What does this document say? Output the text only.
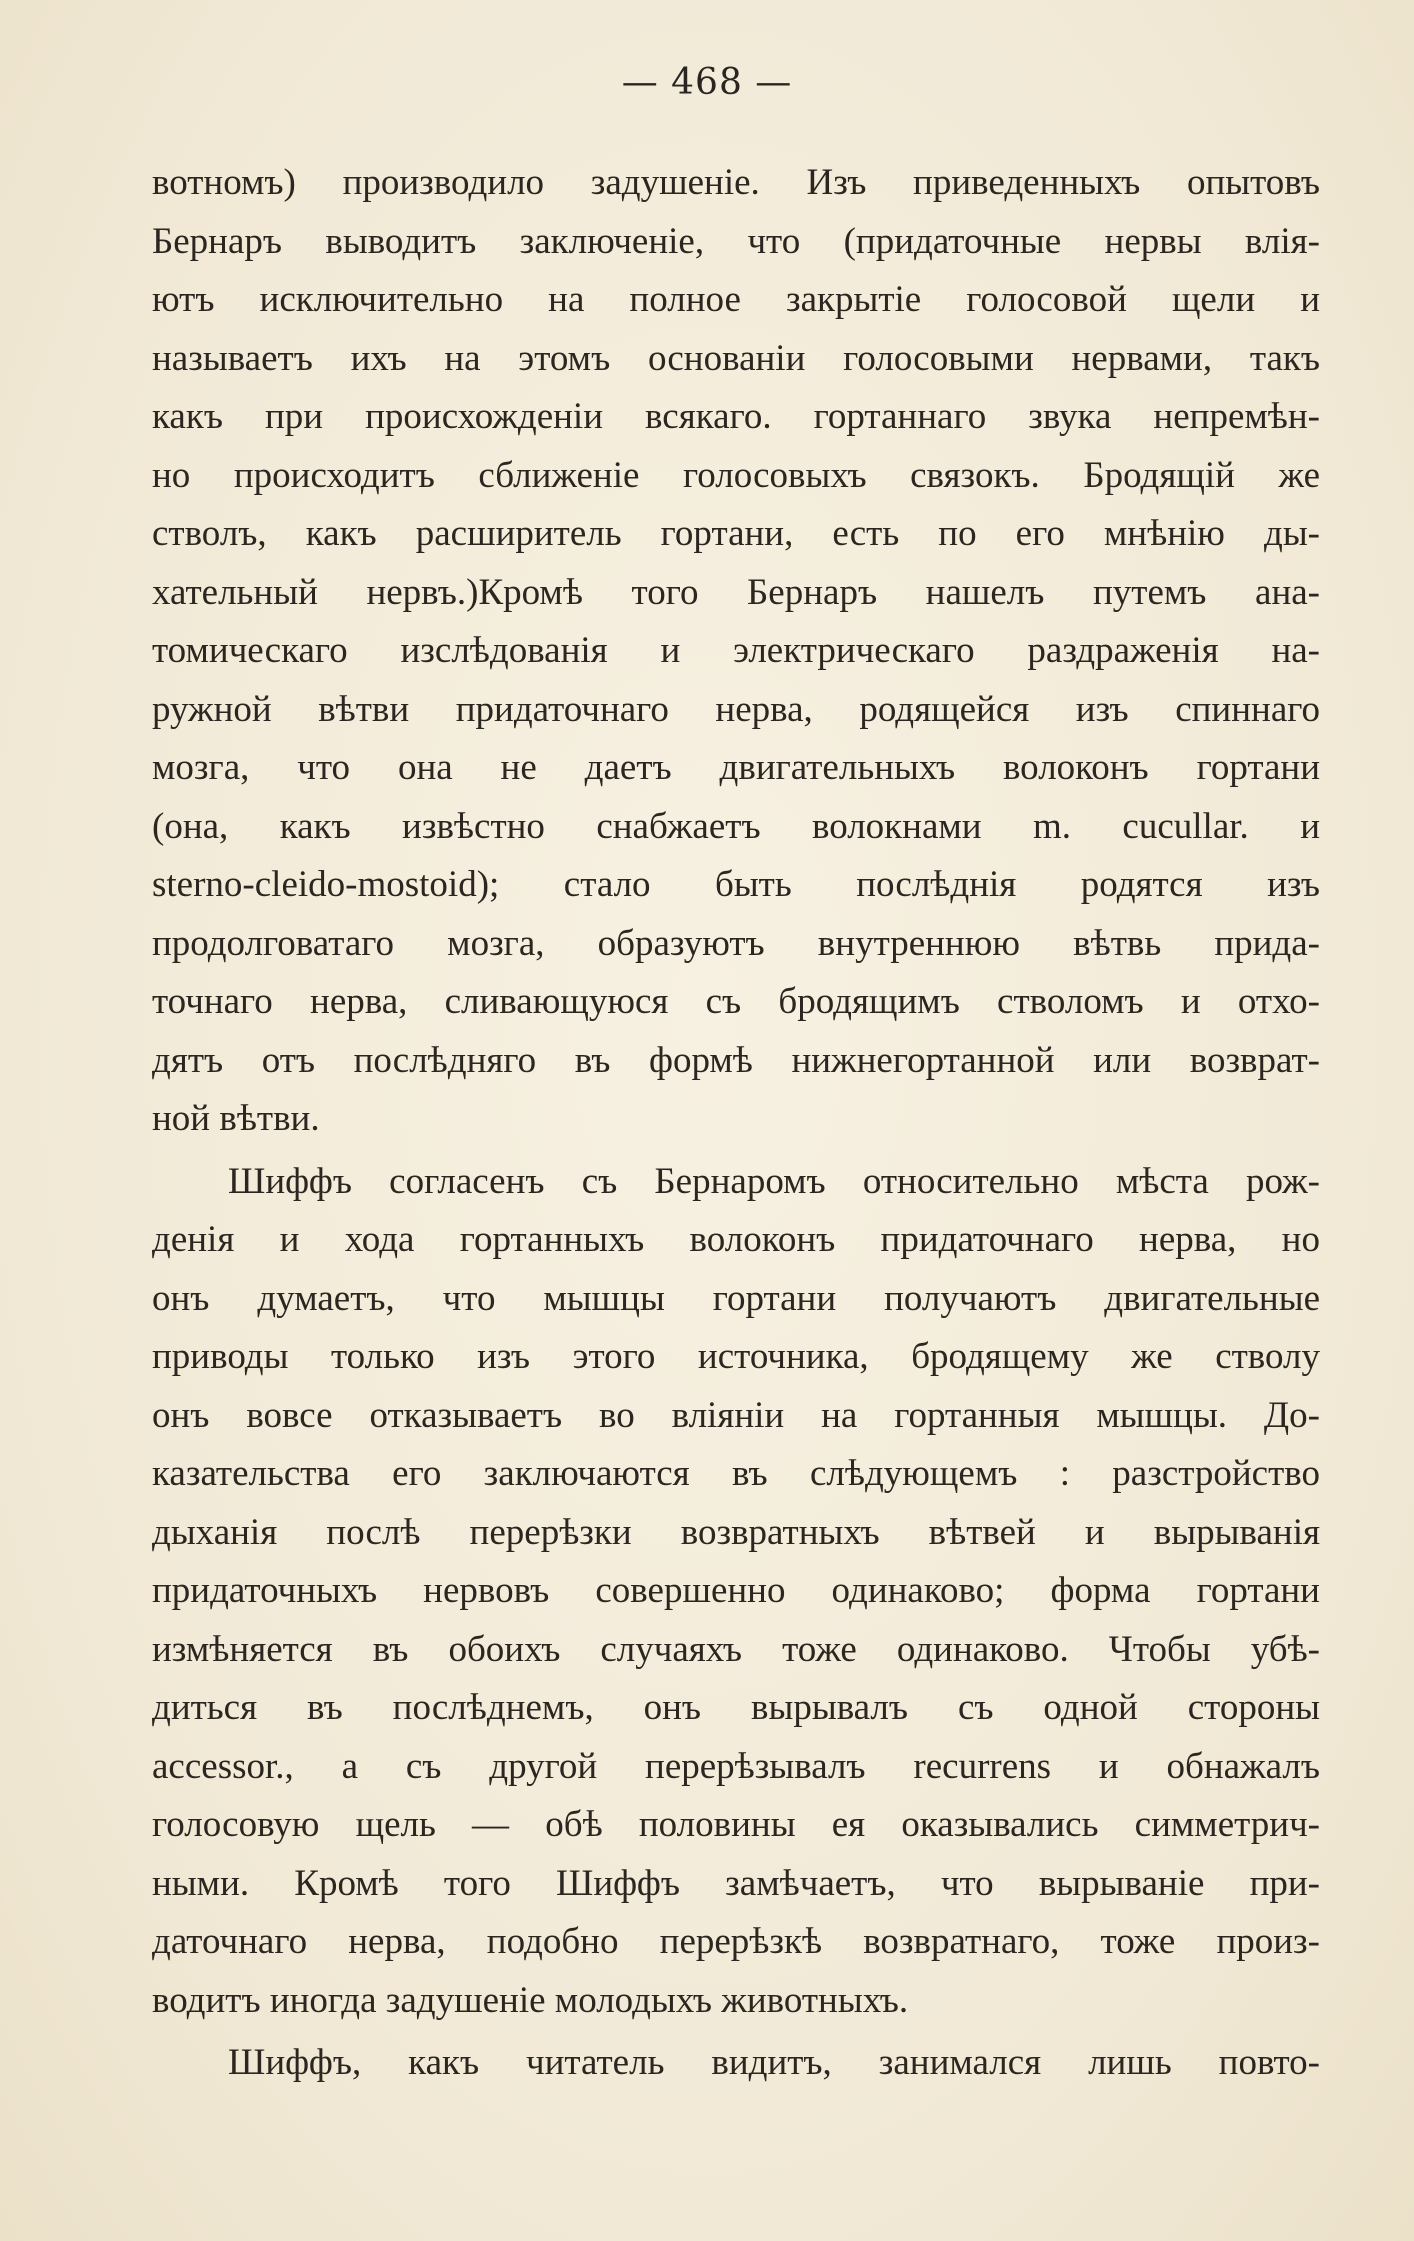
— 468 —
вотномъ) производило задушеніе. Изъ приведенныхъ опытовъ
Бернаръ выводитъ заключеніе, что (придаточные нервы влія-
ютъ исключительно на полное закрытіе голосовой щели и
называетъ ихъ на этомъ основаніи голосовыми нервами, такъ
какъ при происхожденіи всякаго. гортаннаго звука непремѣн-
но происходитъ сближеніе голосовыхъ связокъ. Бродящій же
стволъ, какъ расширитель гортани, есть по его мнѣнію ды-
хательный нервъ.)Кромѣ того Бернаръ нашелъ путемъ ана-
томическаго изслѣдованія и электрическаго раздраженія на-
ружной вѣтви придаточнаго нерва, родящейся изъ спиннаго
мозга, что она не даетъ двигательныхъ волоконъ гортани
(она, какъ извѣстно снабжаетъ волокнами m. cucullar. и
sterno-cleido-mostoid); стало быть послѣднія родятся изъ
продолговатаго мозга, образуютъ внутреннюю вѣтвь прида-
точнаго нерва, сливающуюся съ бродящимъ стволомъ и отхо-
дятъ отъ послѣдняго въ формѣ нижнегортанной или возврат-
ной вѣтви.
Шиффъ согласенъ съ Бернаромъ относительно мѣста рож-
денія и хода гортанныхъ волоконъ придаточнаго нерва, но
онъ думаетъ, что мышцы гортани получаютъ двигательные
приводы только изъ этого источника, бродящему же стволу
онъ вовсе отказываетъ во вліяніи на гортанныя мышцы. До-
казательства его заключаются въ слѣдующемъ : разстройство
дыханія послѣ перерѣзки возвратныхъ вѣтвей и вырыванія
придаточныхъ нервовъ совершенно одинаково; форма гортани
измѣняется въ обоихъ случаяхъ тоже одинаково. Чтобы убѣ-
диться въ послѣднемъ, онъ вырывалъ съ одной стороны
accessor., а съ другой перерѣзывалъ recurrens и обнажалъ
голосовую щель — обѣ половины ея оказывались симметрич-
ными. Кромѣ того Шиффъ замѣчаетъ, что вырываніе при-
даточнаго нерва, подобно перерѣзкѣ возвратнаго, тоже произ-
водитъ иногда задушеніе молодыхъ животныхъ.
Шиффъ, какъ читатель видитъ, занимался лишь повто-
